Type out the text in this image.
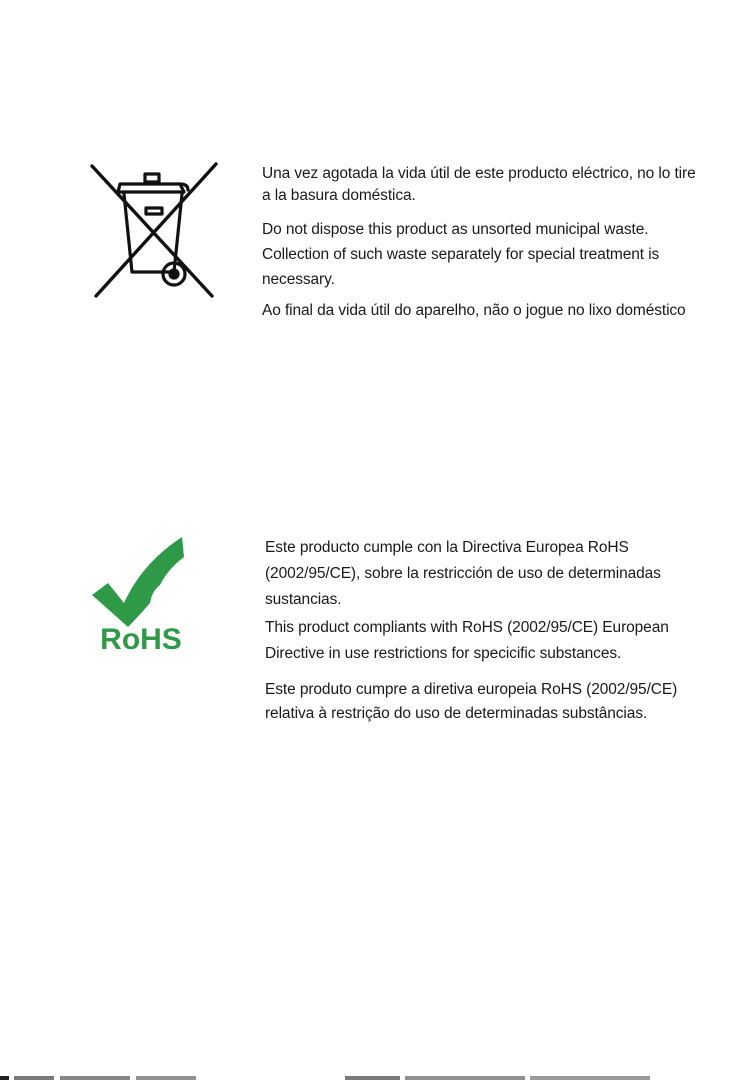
Una vez agotada la vida útil de este producto eléctrico, no lo tire a la basura doméstica.

Do not dispose this product as unsorted municipal waste. Collection of such waste separately for special treatment is necessary.

Ao final da vida útil do aparelho, não o jogue no lixo doméstico

RoHS

Este producto cumple con la Directiva Europea RoHS (2002/95/CE), sobre la restricción de uso de determinadas sustancias.

This product compliants with RoHS (2002/95/CE) European Directive in use restrictions for specicific substances.

Este produto cumpre a diretiva europeia RoHS (2002/95/CE) relativa à restrição do uso de determinadas substâncias.
